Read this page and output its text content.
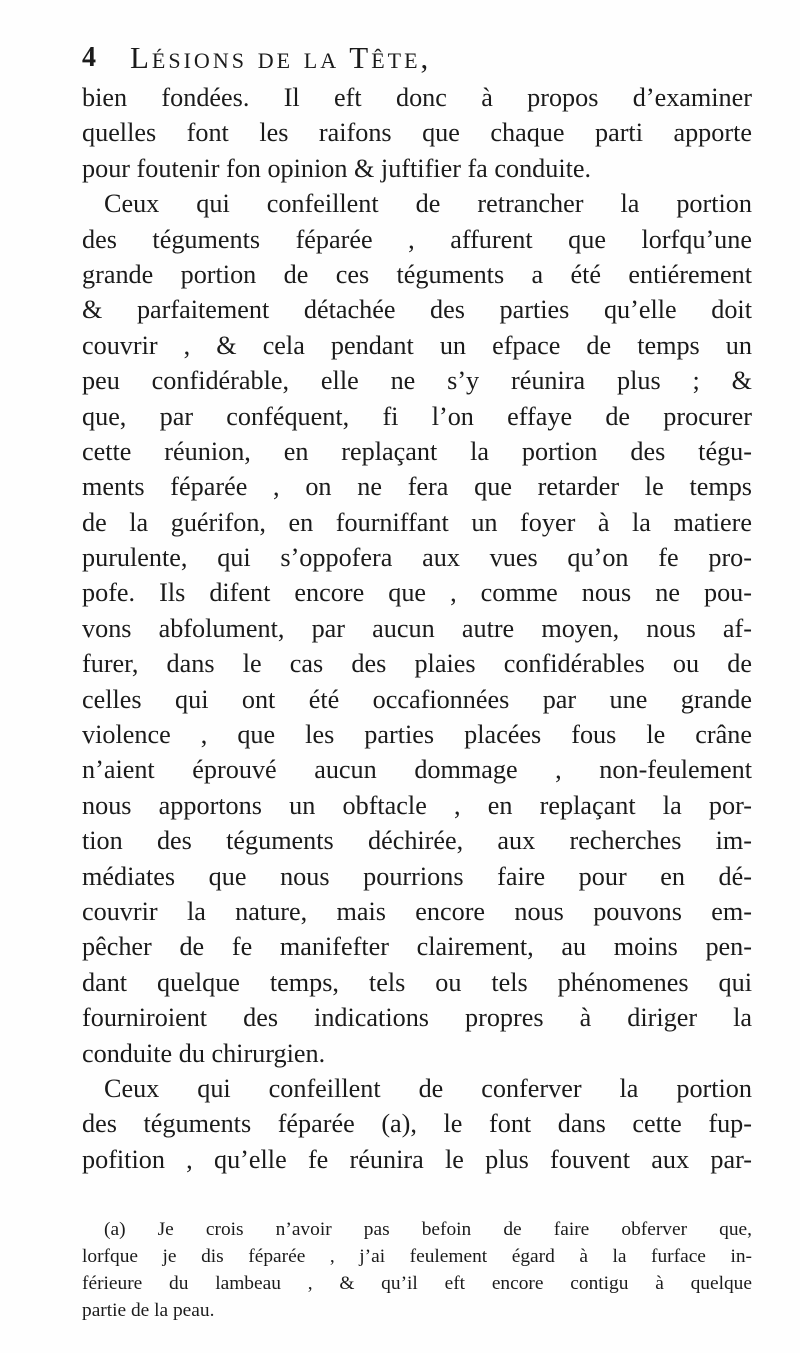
4 Lésions de la Tête,
bien fondées. Il eft donc à propos d’examiner
quelles font les raifons que chaque parti apporte
pour foutenir fon opinion & juftifier fa conduite.
Ceux qui confeillent de retrancher la portion
des téguments féparée , affurent que lorfqu’une
grande portion de ces téguments a été entiérement
& parfaitement détachée des parties qu’elle doit
couvrir , & cela pendant un efpace de temps un
peu confidérable, elle ne s’y réunira plus ; &
que, par conféquent, fi l’on effaye de procurer
cette réunion, en replaçant la portion des tégu-
ments féparée , on ne fera que retarder le temps
de la guérifon, en fourniffant un foyer à la matiere
purulente, qui s’oppofera aux vues qu’on fe pro-
pofe. Ils difent encore que , comme nous ne pou-
vons abfolument, par aucun autre moyen, nous af-
furer, dans le cas des plaies confidérables ou de
celles qui ont été occafionnées par une grande
violence , que les parties placées fous le crâne
n’aient éprouvé aucun dommage , non-feulement
nous apportons un obftacle , en replaçant la por-
tion des téguments déchirée, aux recherches im-
médiates que nous pourrions faire pour en dé-
couvrir la nature, mais encore nous pouvons em-
pêcher de fe manifefter clairement, au moins pen-
dant quelque temps, tels ou tels phénomenes qui
fourniroient des indications propres à diriger la
conduite du chirurgien.
Ceux qui confeillent de conferver la portion
des téguments féparée (a), le font dans cette fup-
pofition , qu’elle fe réunira le plus fouvent aux par-
(a) Je crois n’avoir pas befoin de faire obferver que,
lorfque je dis féparée , j’ai feulement égard à la furface in-
férieure du lambeau , & qu’il eft encore contigu à quelque
partie de la peau.
